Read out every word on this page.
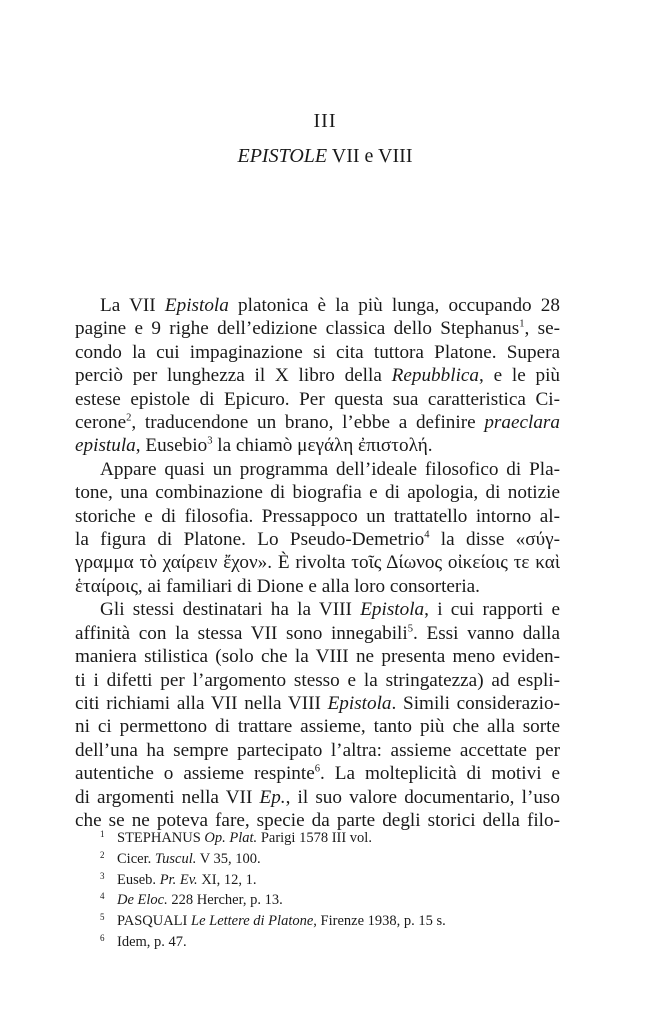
III
EPISTOLE VII e VIII
La VII Epistola platonica è la più lunga, occupando 28
pagine e 9 righe dell’edizione classica dello Stephanus$^1$, se-
condo la cui impaginazione si cita tuttora Platone. Supera
perciò per lunghezza il X libro della Repubblica, e le più
estese epistole di Epicuro. Per questa sua caratteristica Ci-
cerone$^2$, traducendone un brano, l’ebbe a definire praeclara
epistula, Eusebio$^3$ la chiamò μεγάλη ἐπιστολή.
Appare quasi un programma dell’ideale filosofico di Pla-
tone, una combinazione di biografia e di apologia, di notizie
storiche e di filosofia. Pressappoco un trattatello intorno al-
la figura di Platone. Lo Pseudo-Demetrio$^4$ la disse «σύγ-
γραμμα τὸ χαίρειν ἔχον». È rivolta τοῖς Δίωνος οἰκείοις τε καὶ
ἑταίροις, ai familiari di Dione e alla loro consorteria.
Gli stessi destinatari ha la VIII Epistola, i cui rapporti e
affinità con la stessa VII sono innegabili$^5$. Essi vanno dalla
maniera stilistica (solo che la VIII ne presenta meno eviden-
ti i difetti per l’argomento stesso e la stringatezza) ad espli-
citi richiami alla VII nella VIII Epistola. Simili considerazio-
ni ci permettono di trattare assieme, tanto più che alla sorte
dell’una ha sempre partecipato l’altra: assieme accettate per
autentiche o assieme respinte$^6$. La molteplicità di motivi e
di argomenti nella VII Ep., il suo valore documentario, l’uso
che se ne poteva fare, specie da parte degli storici della filo-
1 STEPHANUS Op. Plat. Parigi 1578 III vol.
2 Cicer. Tuscul. V 35, 100.
3 Euseb. Pr. Ev. XI, 12, 1.
4 De Eloc. 228 Hercher, p. 13.
5 PASQUALI Le Lettere di Platone, Firenze 1938, p. 15 s.
6 Idem, p. 47.
